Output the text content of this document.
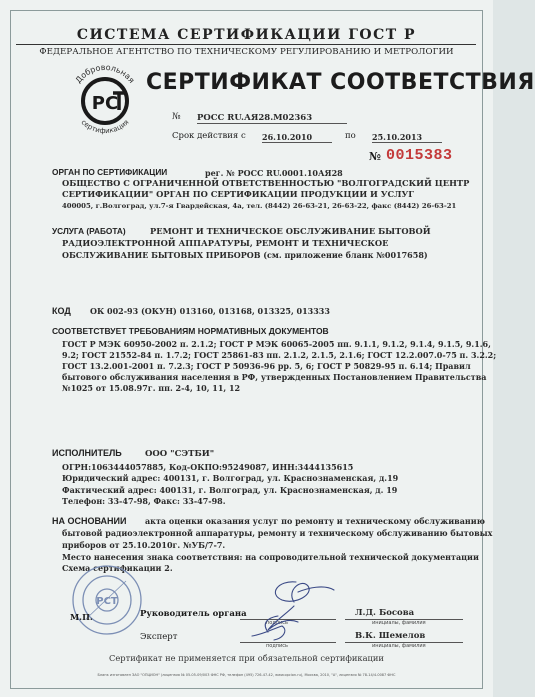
СИСТЕМА СЕРТИФИКАЦИИ ГОСТ Р
ФЕДЕРАЛЬНОЕ АГЕНТСТВО ПО ТЕХНИЧЕСКОМУ РЕГУЛИРОВАНИЮ И МЕТРОЛОГИИ
РС
Добровольная
сертификация
СЕРТИФИКАТ СООТВЕТСТВИЯ
№ РОСС RU.АЯ28.М02363
Срок действия с 26.10.2010	по 25.10.2013
№ 0015383
ОРГАН ПО СЕРТИФИКАЦИИ	рег. № РОСС RU.0001.10АЯ28
ОБЩЕСТВО С ОГРАНИЧЕННОЙ ОТВЕТСТВЕННОСТЬЮ "ВОЛГОГРАДСКИЙ ЦЕНТР
СЕРТИФИКАЦИИ" ОРГАН ПО СЕРТИФИКАЦИИ ПРОДУКЦИИ И УСЛУГ
400005, г.Волгоград, ул.7-я Гвардейская, 4а, тел. (8442) 26-63-21, 26-63-22, факс (8442) 26-63-21
УСЛУГА (РАБОТА)	РЕМОНТ И ТЕХНИЧЕСКОЕ ОБСЛУЖИВАНИЕ БЫТОВОЙ
РАДИОЭЛЕКТРОННОЙ АППАРАТУРЫ, РЕМОНТ И ТЕХНИЧЕСКОЕ
ОБСЛУЖИВАНИЕ БЫТОВЫХ ПРИБОРОВ (см. приложение бланк №0017658)
КОД ОК 002-93 (ОКУН) 013160, 013168, 013325, 013333
СООТВЕТСТВУЕТ ТРЕБОВАНИЯМ НОРМАТИВНЫХ ДОКУМЕНТОВ
ГОСТ Р МЭК 60950-2002 п. 2.1.2; ГОСТ Р МЭК 60065-2005 пп. 9.1.1, 9.1.2, 9.1.4, 9.1.5, 9.1.6,
9.2; ГОСТ 21552-84 п. 1.7.2; ГОСТ 25861-83 пп. 2.1.2, 2.1.5, 2.1.6; ГОСТ 12.2.007.0-75 п. 3.2.2;
ГОСТ 13.2.001-2001 п. 7.2.3; ГОСТ Р 50936-96 рр. 5, 6; ГОСТ Р 50829-95 п. 6.14; Правил
бытового обслуживания населения в РФ, утвержденных Постановлением Правительства
№1025 от 15.08.97г. пп. 2-4, 10, 11, 12
ИСПОЛНИТЕЛЬ	ООО "СЭТБИ"
ОГРН:1063444057885, Код-ОКПО:95249087, ИНН:3444135615
Юридический адрес: 400131, г. Волгоград, ул. Краснознаменская, д.19
Фактический адрес: 400131, г. Волгоград, ул. Краснознаменская, д. 19
Телефон: 33-47-98, Факс: 33-47-98.
НА ОСНОВАНИИ акта оценки оказания услуг по ремонту и техническому обслуживанию
бытовой радиоэлектронной аппаратуры, ремонту и техническому обслуживанию бытовых
приборов от 25.10.2010г. №УБ/7-7.
Место нанесения знака соответствия: на сопроводительной технической документации
Схема сертификации 2.
РСТ
М.П.	Руководитель органа
подпись
Л.Д. Босова
инициалы, фамилия
Эксперт
подпись
В.К. Шемелов
инициалы, фамилия
Сертификат не применяется при обязательной сертификации
Бланк изготовлен ЗАО "ОПЦИОН" (лицензия № 05-05-09/003 ФНС РФ, телефон (495) 726-47-42, www.opcion.ru), Москва, 2010, "А", лицензия № 78-14/4-0087 ФНС
